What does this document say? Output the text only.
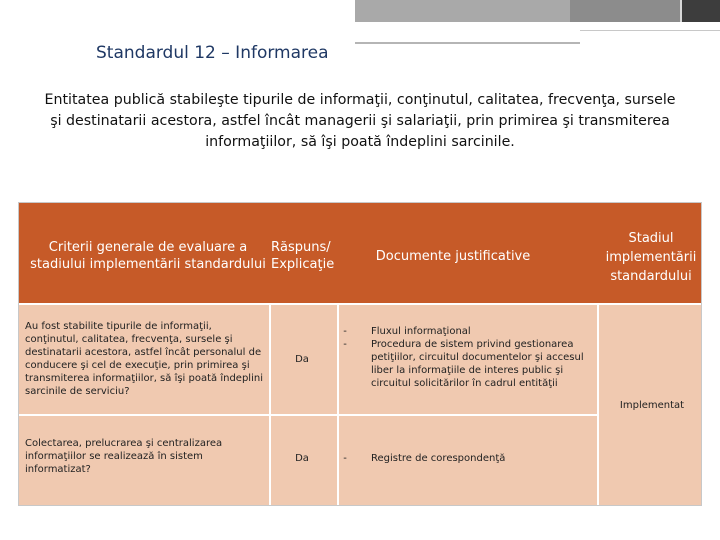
Standardul 12 – Informarea
Entitatea publică stabileşte tipurile de informaţii, conţinutul, calitatea, frecvenţa, sursele şi destinatarii acestora, astfel încât managerii şi salariaţii, prin primirea şi transmiterea informaţiilor, să îşi poată îndeplini sarcinile.
Criterii generale de evaluare a stadiului implementării standardului
Răspuns/ Explicaţie
Documente justificative
Stadiul implementării standardului
Au fost stabilite tipurile de informaţii, conţinutul, calitatea, frecvenţa, sursele şi destinatarii acestora, astfel încât personalul de conducere şi cel de execuţie, prin primirea şi transmiterea informaţiilor, să îşi poată îndeplini sarcinile de serviciu?
Da
-
-
Fluxul informaţional
Procedura de sistem privind gestionarea petiţiilor, circuitul documentelor şi accesul liber la informaţiile de interes public şi circuitul solicitărilor în cadrul entităţii
Colectarea, prelucrarea şi centralizarea informaţiilor se realizează în sistem informatizat?
Da	-	Registre de corespondenţă
Implementat
